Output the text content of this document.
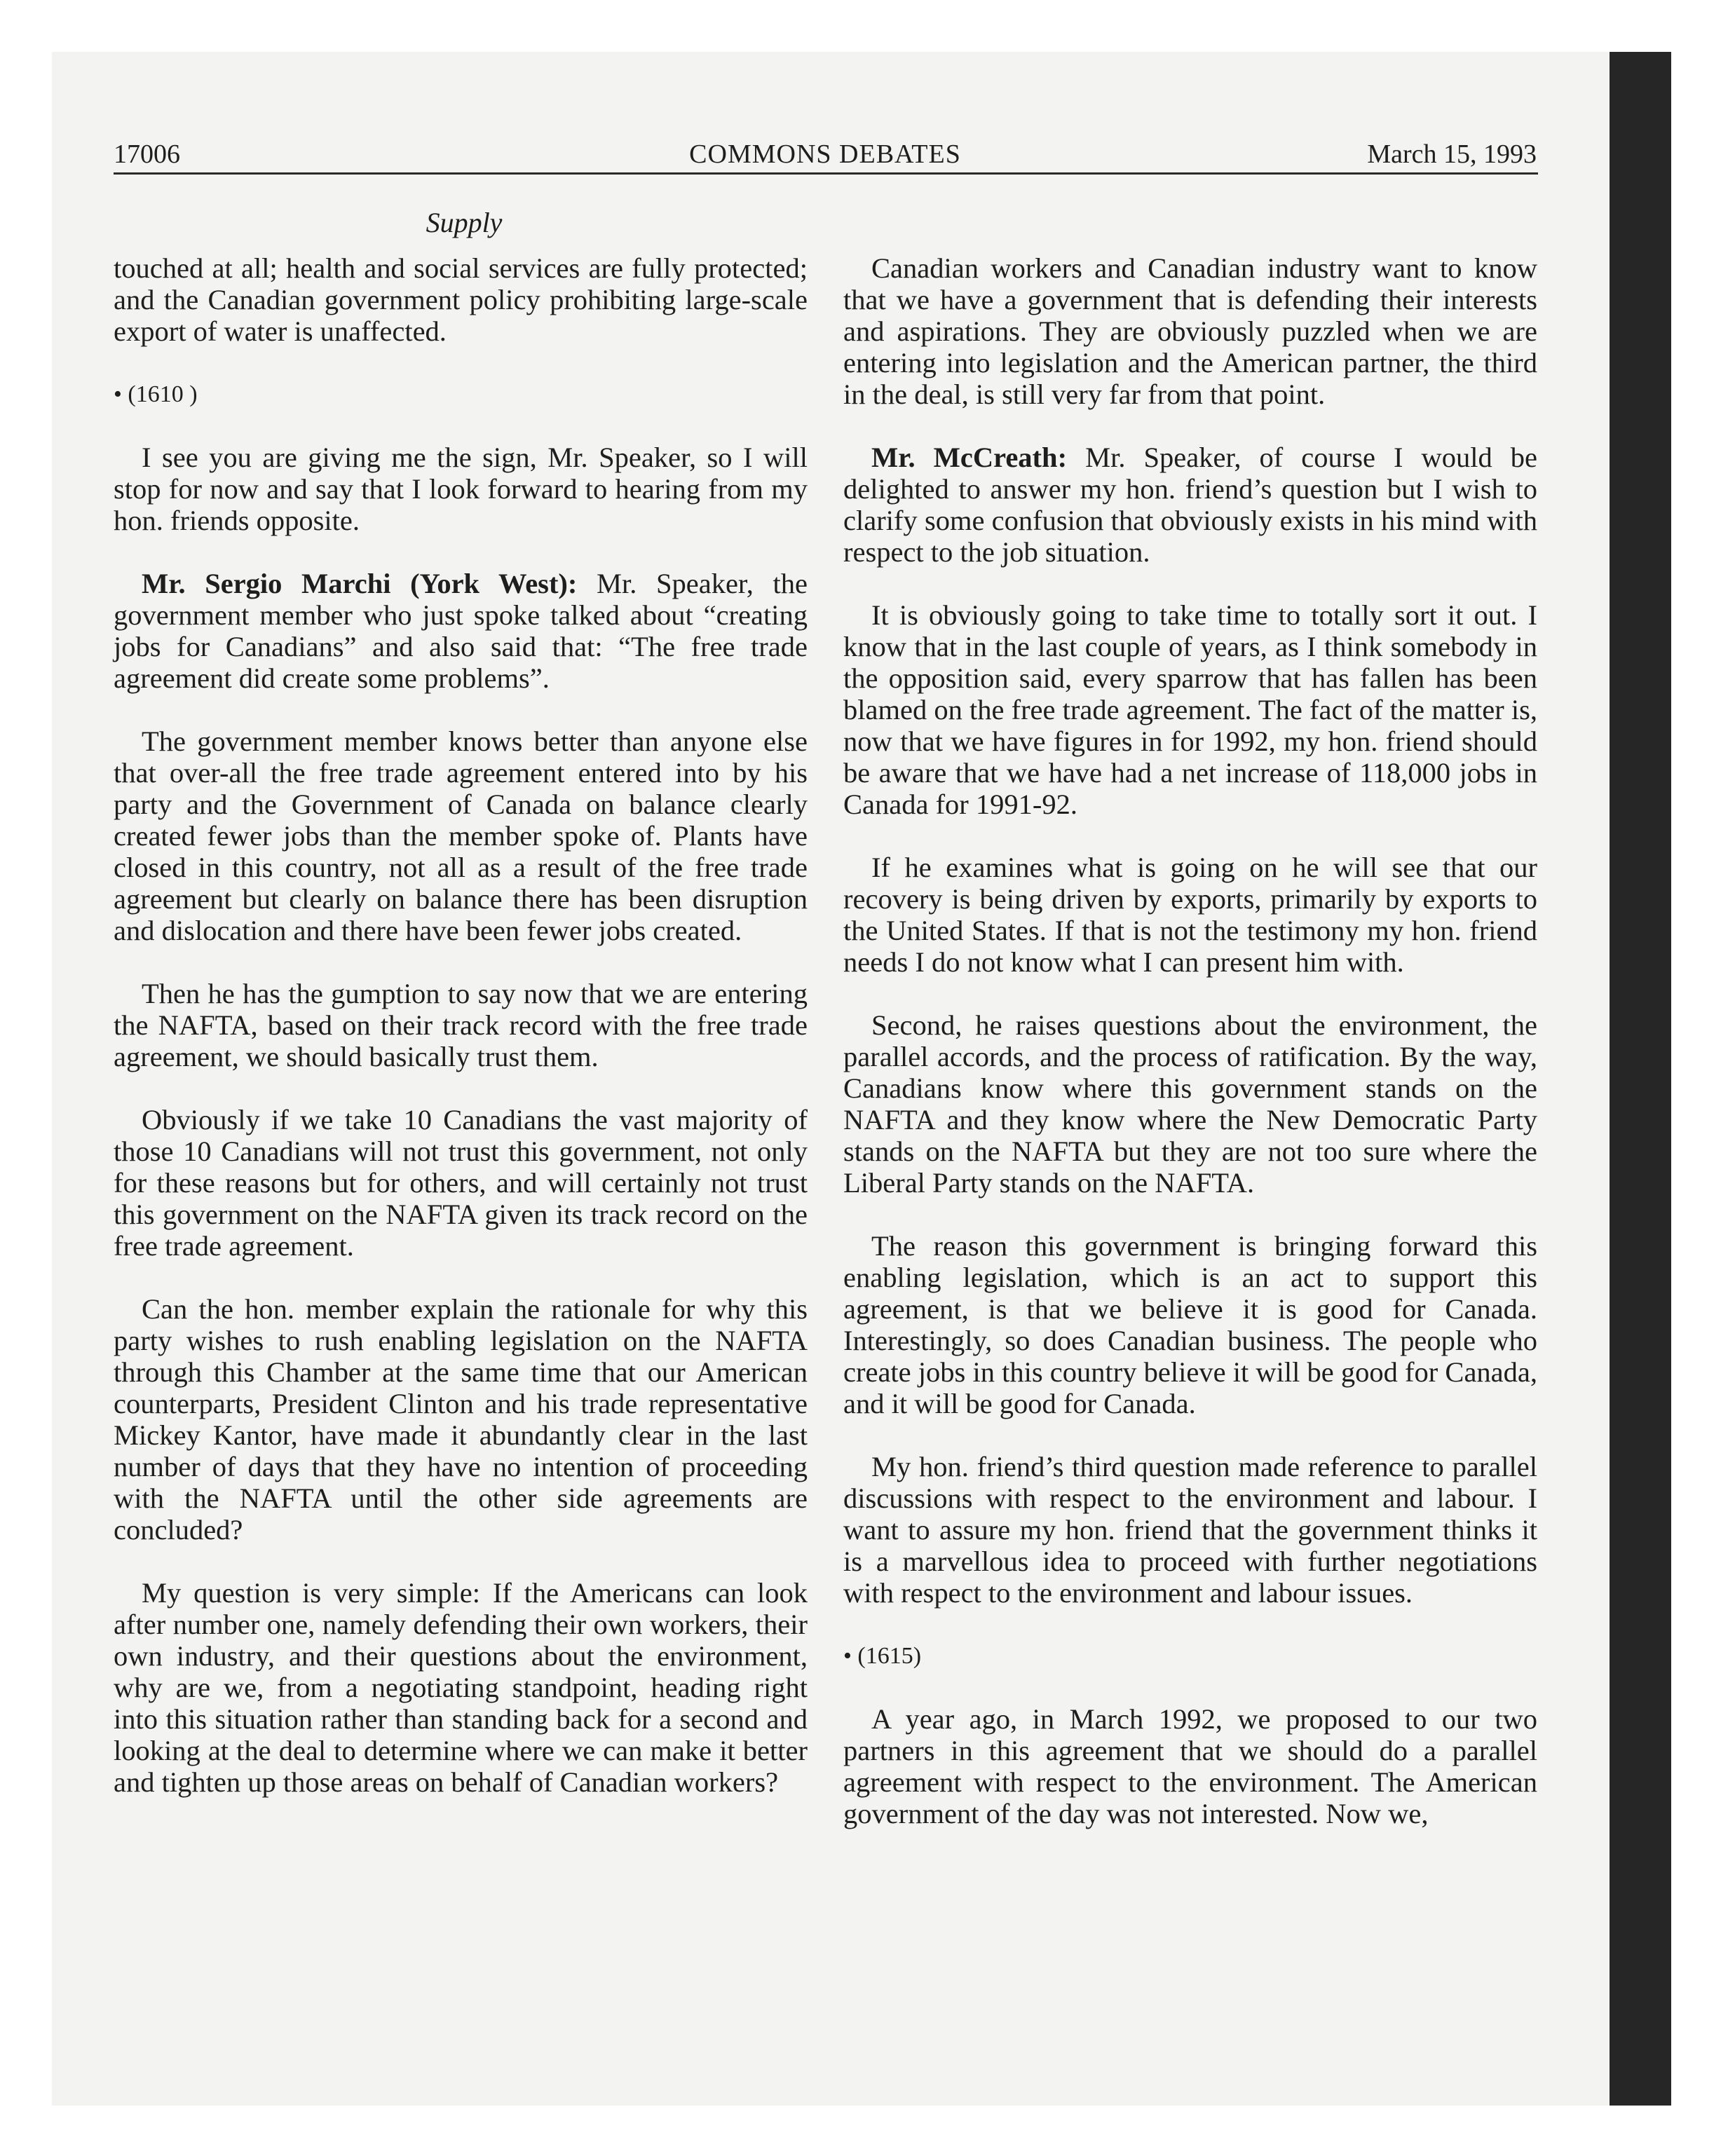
17006	COMMONS DEBATES	March 15, 1993
Supply

touched at all; health and social services are fully protected; and the Canadian government policy prohibiting large-scale export of water is unaffected.

• (1610 )

I see you are giving me the sign, Mr. Speaker, so I will stop for now and say that I look forward to hearing from my hon. friends opposite.

Mr. Sergio Marchi (York West): Mr. Speaker, the government member who just spoke talked about “creating jobs for Canadians” and also said that: “The free trade agreement did create some problems”.

The government member knows better than anyone else that over-all the free trade agreement entered into by his party and the Government of Canada on balance clearly created fewer jobs than the member spoke of. Plants have closed in this country, not all as a result of the free trade agreement but clearly on balance there has been disruption and dislocation and there have been fewer jobs created.

Then he has the gumption to say now that we are entering the NAFTA, based on their track record with the free trade agreement, we should basically trust them.

Obviously if we take 10 Canadians the vast majority of those 10 Canadians will not trust this government, not only for these reasons but for others, and will certainly not trust this government on the NAFTA given its track record on the free trade agreement.

Can the hon. member explain the rationale for why this party wishes to rush enabling legislation on the NAFTA through this Chamber at the same time that our American counterparts, President Clinton and his trade representative Mickey Kantor, have made it abundantly clear in the last number of days that they have no intention of proceeding with the NAFTA until the other side agreements are concluded?

My question is very simple: If the Americans can look after number one, namely defending their own workers, their own industry, and their questions about the environment, why are we, from a negotiating standpoint, heading right into this situation rather than standing back for a second and looking at the deal to determine where we can make it better and tighten up those areas on behalf of Canadian workers?

Canadian workers and Canadian industry want to know that we have a government that is defending their interests and aspirations. They are obviously puzzled when we are entering into legislation and the American partner, the third in the deal, is still very far from that point.

Mr. McCreath: Mr. Speaker, of course I would be delighted to answer my hon. friend’s question but I wish to clarify some confusion that obviously exists in his mind with respect to the job situation.

It is obviously going to take time to totally sort it out. I know that in the last couple of years, as I think somebody in the opposition said, every sparrow that has fallen has been blamed on the free trade agreement. The fact of the matter is, now that we have figures in for 1992, my hon. friend should be aware that we have had a net increase of 118,000 jobs in Canada for 1991-92.

If he examines what is going on he will see that our recovery is being driven by exports, primarily by exports to the United States. If that is not the testimony my hon. friend needs I do not know what I can present him with.

Second, he raises questions about the environment, the parallel accords, and the process of ratification. By the way, Canadians know where this government stands on the NAFTA and they know where the New Democratic Party stands on the NAFTA but they are not too sure where the Liberal Party stands on the NAFTA.

The reason this government is bringing forward this enabling legislation, which is an act to support this agreement, is that we believe it is good for Canada. Interestingly, so does Canadian business. The people who create jobs in this country believe it will be good for Canada, and it will be good for Canada.

My hon. friend’s third question made reference to parallel discussions with respect to the environment and labour. I want to assure my hon. friend that the government thinks it is a marvellous idea to proceed with further negotiations with respect to the environment and labour issues.

• (1615)

A year ago, in March 1992, we proposed to our two partners in this agreement that we should do a parallel agreement with respect to the environment. The American government of the day was not interested. Now we,
